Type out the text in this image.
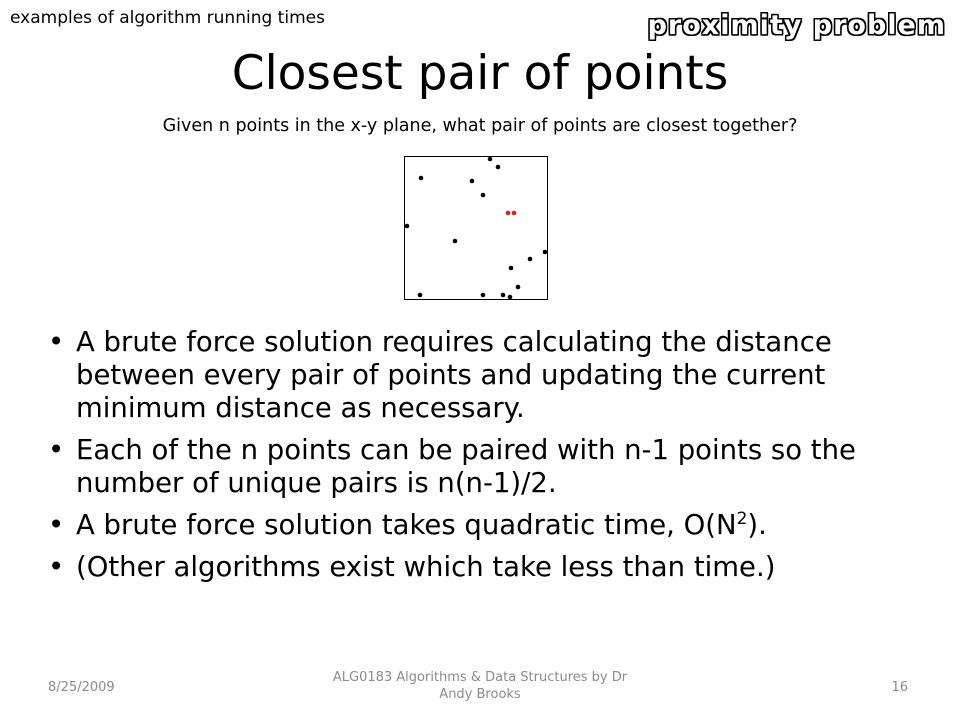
examples of algorithm running times	proximity problem
Closest pair of points
Given n points in the x-y plane, what pair of points are closest together?
• A brute force solution requires calculating the distance between every pair of points and updating the current minimum distance as necessary.
• Each of the n points can be paired with n-1 points so the number of unique pairs is n(n-1)/2.
• A brute force solution takes quadratic time, $O(N^2)$.
• (Other algorithms exist which take less than time.)
8/25/2009
ALG0183 Algorithms & Data Structures by Dr Andy Brooks	16
